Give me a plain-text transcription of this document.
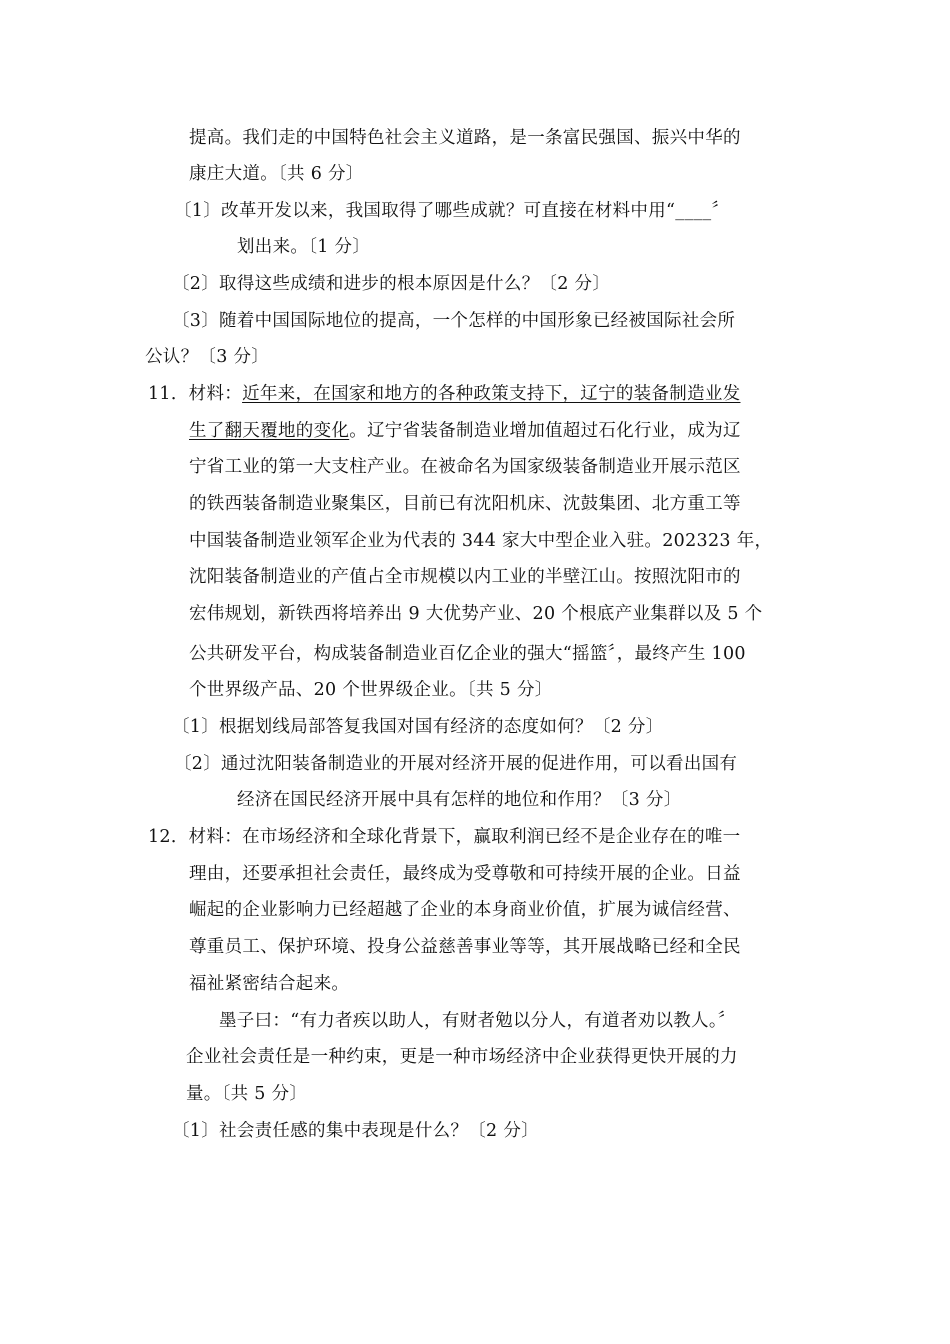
提高。我们走的中国特色社会主义道路，是一条富民强国、振兴中华的
康庄大道。〔共 6 分〕
〔1〕改革开发以来，我国取得了哪些成就？可直接在材料中用“____〞
划出来。〔1 分〕
〔2〕取得这些成绩和进步的根本原因是什么？〔2 分〕
〔3〕随着中国国际地位的提高，一个怎样的中国形象已经被国际社会所
公认？〔3 分〕
11．材料：近年来，在国家和地方的各种政策支持下，辽宁的装备制造业发
生了翻天覆地的变化。辽宁省装备制造业增加值超过石化行业，成为辽
宁省工业的第一大支柱产业。在被命名为国家级装备制造业开展示范区
的铁西装备制造业聚集区，目前已有沈阳机床、沈鼓集团、北方重工等
中国装备制造业领军企业为代表的 344 家大中型企业入驻。202323 年，
沈阳装备制造业的产值占全市规模以内工业的半壁江山。按照沈阳市的
宏伟规划，新铁西将培养出 9 大优势产业、20 个根底产业集群以及 5 个
公共研发平台，构成装备制造业百亿企业的强大“摇篮〞，最终产生 100
个世界级产品、20 个世界级企业。〔共 5 分〕
〔1〕根据划线局部答复我国对国有经济的态度如何？〔2 分〕
〔2〕通过沈阳装备制造业的开展对经济开展的促进作用，可以看出国有
经济在国民经济开展中具有怎样的地位和作用？〔3 分〕
12．材料：在市场经济和全球化背景下，赢取利润已经不是企业存在的唯一
理由，还要承担社会责任，最终成为受尊敬和可持续开展的企业。日益
崛起的企业影响力已经超越了企业的本身商业价值，扩展为诚信经营、
尊重员工、保护环境、投身公益慈善事业等等，其开展战略已经和全民
福祉紧密结合起来。
墨子曰：“有力者疾以助人，有财者勉以分人，有道者劝以教人。〞
企业社会责任是一种约束，更是一种市场经济中企业获得更快开展的力
量。〔共 5 分〕
〔1〕社会责任感的集中表现是什么？〔2 分〕
